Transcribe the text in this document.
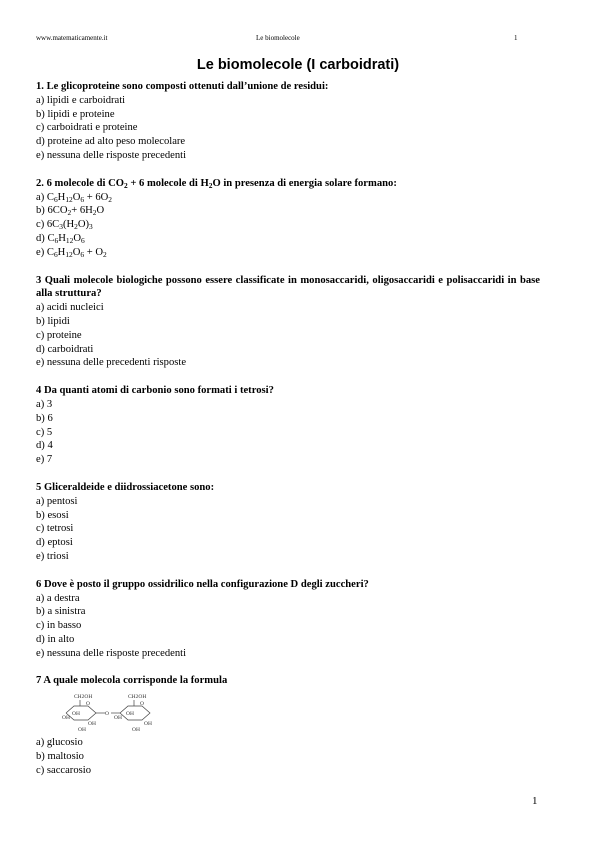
www.matematicamente.it	Le biomolecole	1
Le biomolecole (I carboidrati)
1. Le glicoproteine sono composti ottenuti dall’unione de residui:
a) lipidi e carboidrati
b) lipidi e proteine
c) carboidrati e proteine
d) proteine ad alto peso molecolare
e) nessuna delle risposte precedenti
2. 6 molecole di $CO_2 + 6$ molecole di $H_2O$ in presenza di energia solare formano:
a) $C_6H_{12}O_6 + 6O_2$
b) $6CO_2+ 6H_2O$
c) $6C_3(H_2O)_3$
d) $C_6H_{12}O_6$
e) $C_6H_{12}O_6 + O_2$
3 Quali molecole biologiche possono essere classificate in monosaccaridi, oligosaccaridi e polisaccaridi in base alla struttura?
a) acidi nucleici
b) lipidi
c) proteine
d) carboidrati
e) nessuna delle precedenti risposte
4 Da quanti atomi di carbonio sono formati i tetrosi?
a) 3
b) 6
c) 5
d) 4
e) 7
5 Gliceraldeide e diidrossiacetone sono:
a) pentosi
b) esosi
c) tetrosi
d) eptosi
e) triosi
6 Dove è posto il gruppo ossidrilico nella configurazione D degli zuccheri?
a) a destra
b) a sinistra
c) in basso
d) in alto
e) nessuna delle risposte precedenti
7 A quale molecola corrisponde la formula
CH2OH	CH2OH
O	O
O
OH
OH
OH
OH
OH
OH
OH
OH
a) glucosio
b) maltosio
c) saccarosio
1
